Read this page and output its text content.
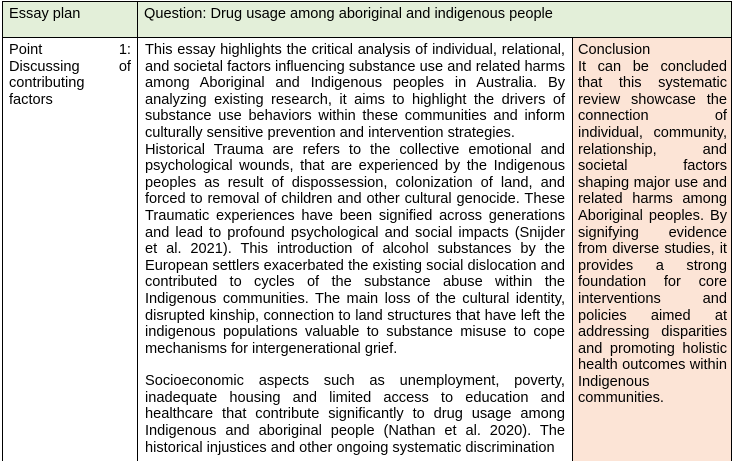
Essay plan	Question: Drug usage among aboriginal and indigenous people

Point 1: Discussing of contributing factors

This essay highlights the critical analysis of individual, relational, and societal factors influencing substance use and related harms among Aboriginal and Indigenous peoples in Australia. By analyzing existing research, it aims to highlight the drivers of substance use behaviors within these communities and inform culturally sensitive prevention and intervention strategies.

Historical Trauma are refers to the collective emotional and psychological wounds, that are experienced by the Indigenous peoples as result of dispossession, colonization of land, and forced to removal of children and other cultural genocide. These Traumatic experiences have been signified across generations and lead to profound psychological and social impacts (Snijder et al. 2021). This introduction of alcohol substances by the European settlers exacerbated the existing social dislocation and contributed to cycles of the substance abuse within the Indigenous communities. The main loss of the cultural identity, disrupted kinship, connection to land structures that have left the indigenous populations valuable to substance misuse to cope mechanisms for intergenerational grief.

Socioeconomic aspects such as unemployment, poverty, inadequate housing and limited access to education and healthcare that contribute significantly to drug usage among Indigenous and aboriginal people (Nathan et al. 2020). The historical injustices and other ongoing systematic discrimination

Conclusion

It can be concluded that this systematic review showcase the connection of individual, community, relationship, and societal factors shaping major use and related harms among Aboriginal peoples. By signifying evidence from diverse studies, it provides a strong foundation for core interventions and policies aimed at addressing disparities and promoting holistic health outcomes within Indigenous communities.
